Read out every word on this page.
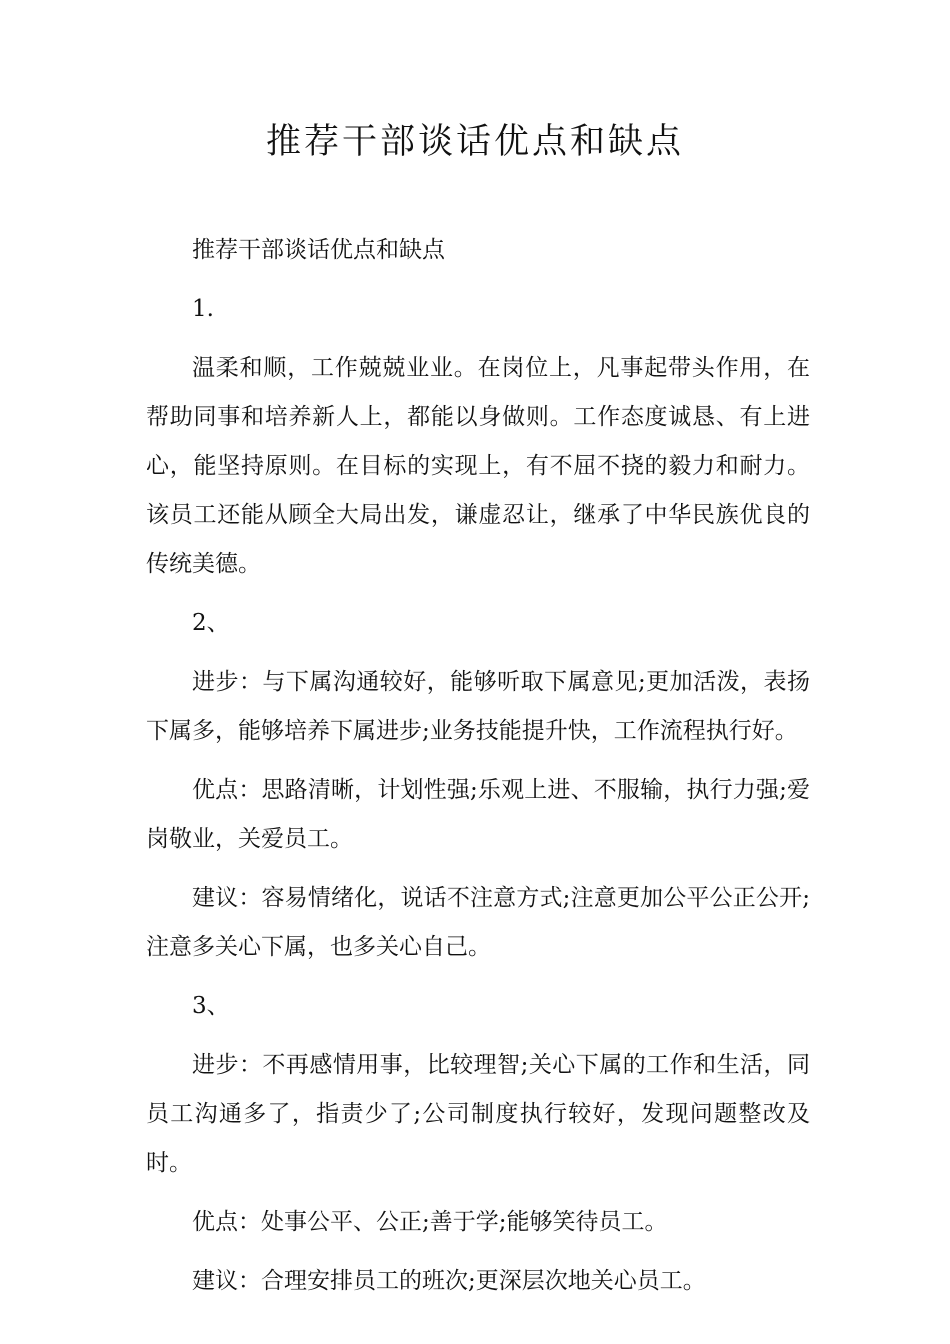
推荐干部谈话优点和缺点

推荐干部谈话优点和缺点

1.

温柔和顺，工作兢兢业业。在岗位上，凡事起带头作用，在帮助同事和培养新人上，都能以身做则。工作态度诚恳、有上进心，能坚持原则。在目标的实现上，有不屈不挠的毅力和耐力。该员工还能从顾全大局出发，谦虚忍让，继承了中华民族优良的传统美德。

2、

进步：与下属沟通较好，能够听取下属意见;更加活泼，表扬下属多，能够培养下属进步;业务技能提升快，工作流程执行好。

优点：思路清晰，计划性强;乐观上进、不服输，执行力强;爱岗敬业，关爱员工。

建议：容易情绪化，说话不注意方式;注意更加公平公正公开;注意多关心下属，也多关心自己。

3、

进步：不再感情用事，比较理智;关心下属的工作和生活，同员工沟通多了，指责少了;公司制度执行较好，发现问题整改及时。

优点：处事公平、公正;善于学;能够笑待员工。

建议：合理安排员工的班次;更深层次地关心员工。
